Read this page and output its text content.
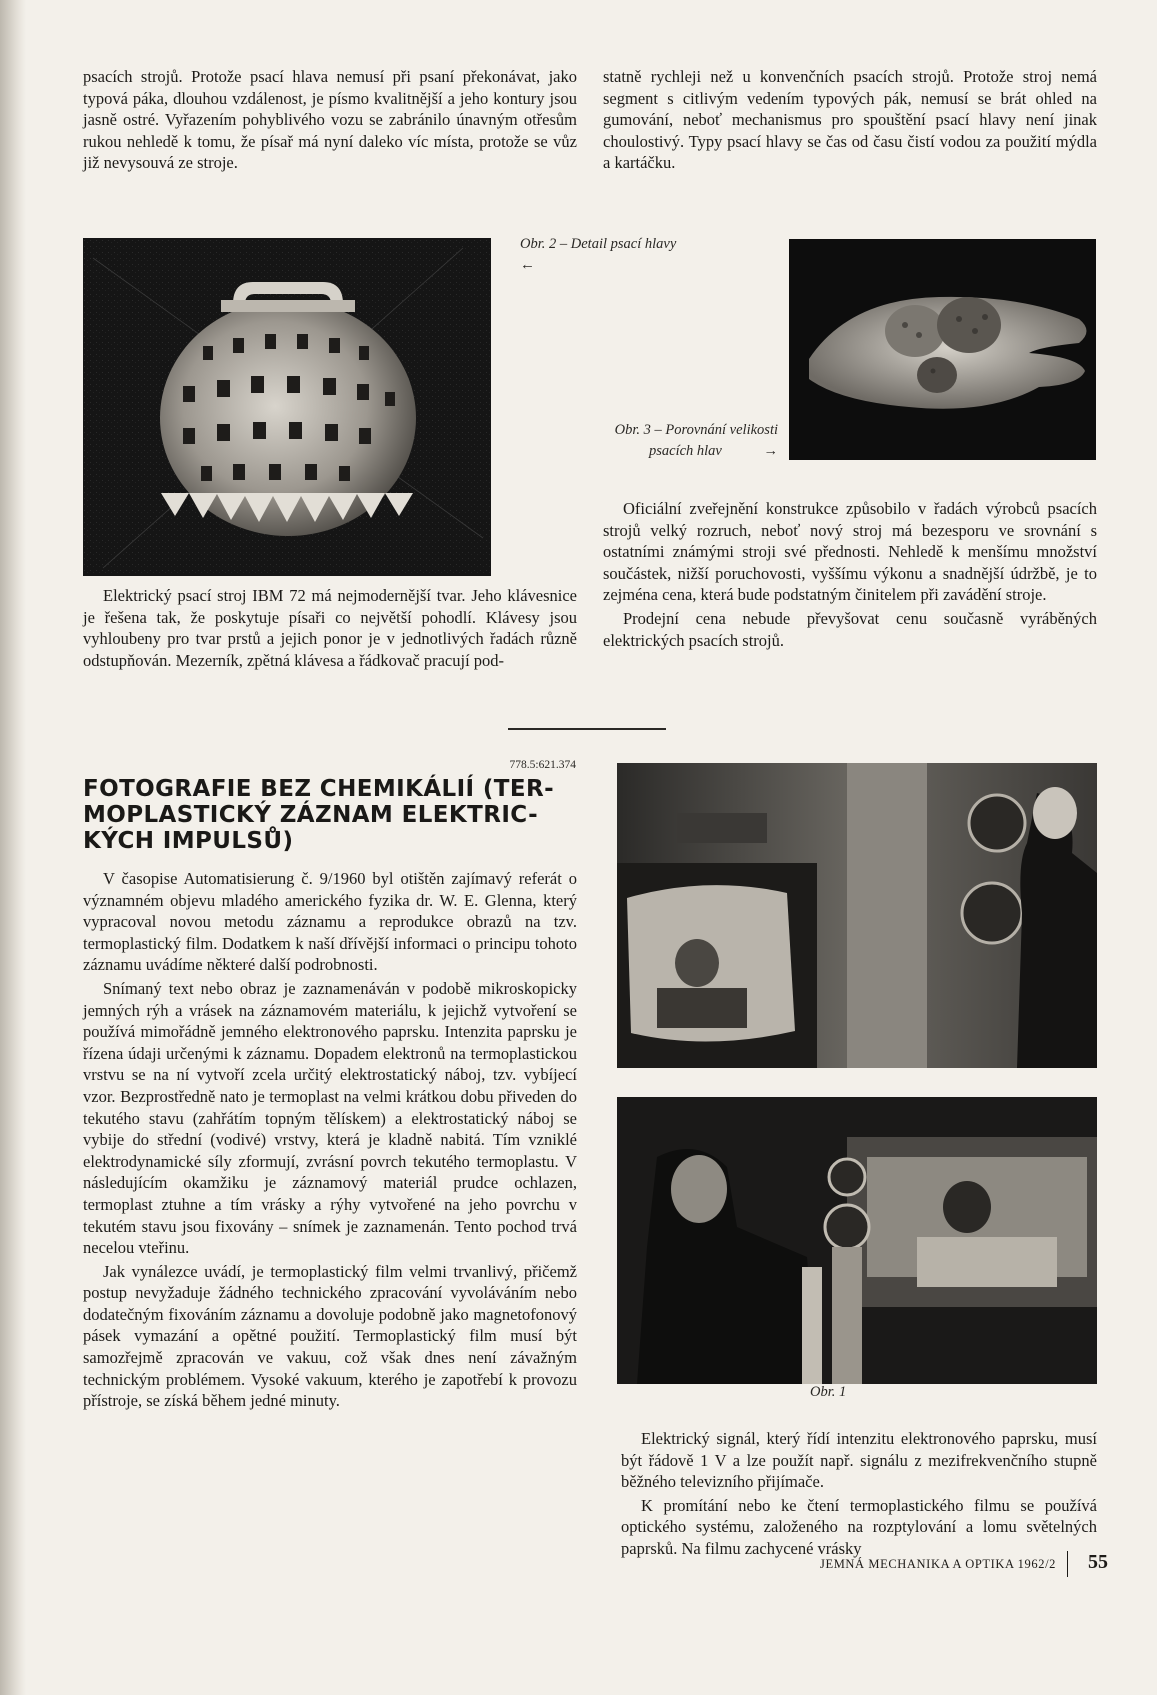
psacích strojů. Protože psací hlava nemusí při psaní překonávat, jako typová páka, dlouhou vzdálenost, je písmo kvalitnější a jeho kontury jsou jasně ostré. Vyřazením pohyblivého vozu se zabránilo únavným otřesům rukou nehledě k tomu, že písař má nyní daleko víc místa, protože se vůz již nevysouvá ze stroje.

statně rychleji než u konvenčních psacích strojů. Protože stroj nemá segment s citlivým vedením typových pák, nemusí se brát ohled na gumování, neboť mechanismus pro spouštění psací hlavy není jinak choulostivý. Typy psací hlavy se čas od času čistí vodou za použití mýdla a kartáčku.

Obr. 2 – Detail psací hlavy
←
Obr. 3 – Porovnání velikosti
psacích hlav	→

Elektrický psací stroj IBM 72 má nejmodernější tvar. Jeho klávesnice je řešena tak, že poskytuje písaři co největší pohodlí. Klávesy jsou vyhloubeny pro tvar prstů a jejich ponor je v jednotlivých řadách různě odstupňován. Mezerník, zpětná klávesa a řádkovač pracují pod-

Oficiální zveřejnění konstrukce způsobilo v řadách výrobců psacích strojů velký rozruch, neboť nový stroj má bezesporu ve srovnání s ostatními známými stroji své přednosti. Nehledě k menšímu množství součástek, nižší poruchovosti, vyššímu výkonu a snadnější údržbě, je to zejména cena, která bude podstatným činitelem při zavádění stroje.

Prodejní cena nebude převyšovat cenu současně vyráběných elektrických psacích strojů.

778.5:621.374
FOTOGRAFIE BEZ CHEMIKÁLIÍ (TER-
MOPLASTICKÝ ZÁZNAM ELEKTRIC-
KÝCH IMPULSŮ)

V časopise Automatisierung č. 9/1960 byl otištěn zajímavý referát o významném objevu mladého amerického fyzika dr. W. E. Glenna, který vypracoval novou metodu záznamu a reprodukce obrazů na tzv. termoplastický film. Dodatkem k naší dřívější informaci o principu tohoto záznamu uvádíme některé další podrobnosti.

Snímaný text nebo obraz je zaznamenáván v podobě mikroskopicky jemných rýh a vrásek na záznamovém materiálu, k jejichž vytvoření se používá mimořádně jemného elektronového paprsku. Intenzita paprsku je řízena údaji určenými k záznamu. Dopadem elektronů na termoplastickou vrstvu se na ní vytvoří zcela určitý elektrostatický náboj, tzv. vybíjecí vzor. Bezprostředně nato je termoplast na velmi krátkou dobu přiveden do tekutého stavu (zahřátím topným tělískem) a elektrostatický náboj se vybije do střední (vodivé) vrstvy, která je kladně nabitá. Tím vzniklé elektrodynamické síly zformují, zvrásní povrch tekutého termoplastu. V následujícím okamžiku je záznamový materiál prudce ochlazen, termoplast ztuhne a tím vrásky a rýhy vytvořené na jeho povrchu v tekutém stavu jsou fixovány – snímek je zaznamenán. Tento pochod trvá necelou vteřinu.

Jak vynálezce uvádí, je termoplastický film velmi trvanlivý, přičemž postup nevyžaduje žádného technického zpracování vyvoláváním nebo dodatečným fixováním záznamu a dovoluje podobně jako magnetofonový pásek vymazání a opětné použití. Termoplastický film musí být samozřejmě zpracován ve vakuu, což však dnes není závažným technickým problémem. Vysoké vakuum, kterého je zapotřebí k provozu přístroje, se získá během jedné minuty.	Obr. 1

Elektrický signál, který řídí intenzitu elektronového paprsku, musí být řádově 1 V a lze použít např. signálu z mezifrekvenčního stupně běžného televizního přijímače.

K promítání nebo ke čtení termoplastického filmu se používá optického systému, založeného na rozptylování a lomu světelných paprsků. Na filmu zachycené vrásky

JEMNÁ MECHANIKA A OPTIKA 1962/2 55
